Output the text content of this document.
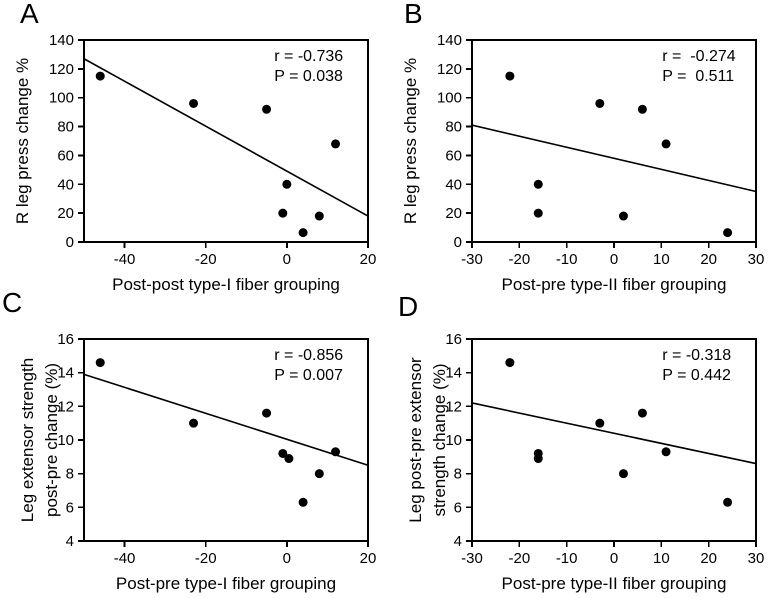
A	B
C	D
-40	-20	0	20
0
20
40
60
80
100
120
140
r = -0.736
P = 0.038
Post-post type-I fiber grouping
R leg press change %
-30 -20 -10 0 10 20 30
0
20
40
60
80
100
120
140
r =  -0.274
P =  0.511
Post-pre type-II fiber grouping
R leg press change %
-40	-20	0	20
4
6
8
10
12
14
16
r = -0.856
P = 0.007
Post-pre type-I fiber grouping
Leg extensor strength post-pre change (%)
-30 -20 -10 0 10 20 30
4
6
8
10
12
14
16
r = -0.318
P = 0.442
Post-pre type-II fiber grouping
Leg post-pre extensor strength change (%)
